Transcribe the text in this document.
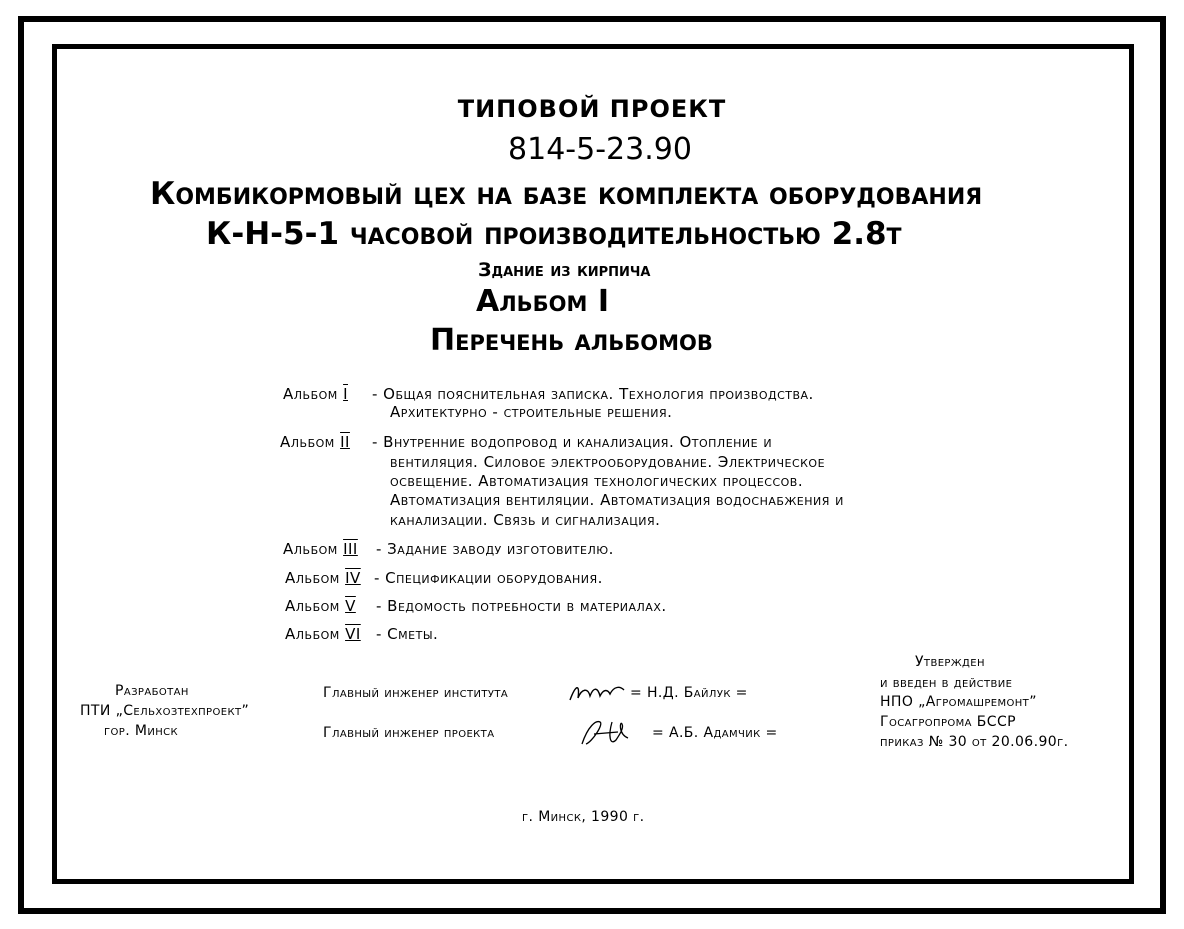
ТИПОВОЙ ПРОЕКТ
814-5-23.90
Комбикормовый цех на базе комплекта оборудования
К-Н-5-1 часовой производительностью 2.8т
Здание из кирпича
Альбом I
Перечень альбомов
Альбом I - Общая пояснительная записка. Технология производства.
Архитектурно - строительные решения.
Альбом II - Внутренние водопровод и канализация. Отопление и
вентиляция. Силовое электрооборудование. Электрическое
освещение. Автоматизация технологических процессов.
Автоматизация вентиляции. Автоматизация водоснабжения и
канализации. Связь и сигнализация.
Альбом III - Задание заводу изготовителю.
Альбом IV - Спецификации оборудования.
Альбом V - Ведомость потребности в материалах.
Альбом VI - Сметы.
Разработан
ПТИ „Сельхозтехпроект”
гор. Минск
Главный инженер института	= Н.Д. Байлук =
Главный инженер проекта	= А.Б. Адамчик =
Утвержден
и введен в действие
НПО „Агромашремонт”
Госагропрома БССР
приказ № 30 от 20.06.90г.
г. Минск, 1990 г.
